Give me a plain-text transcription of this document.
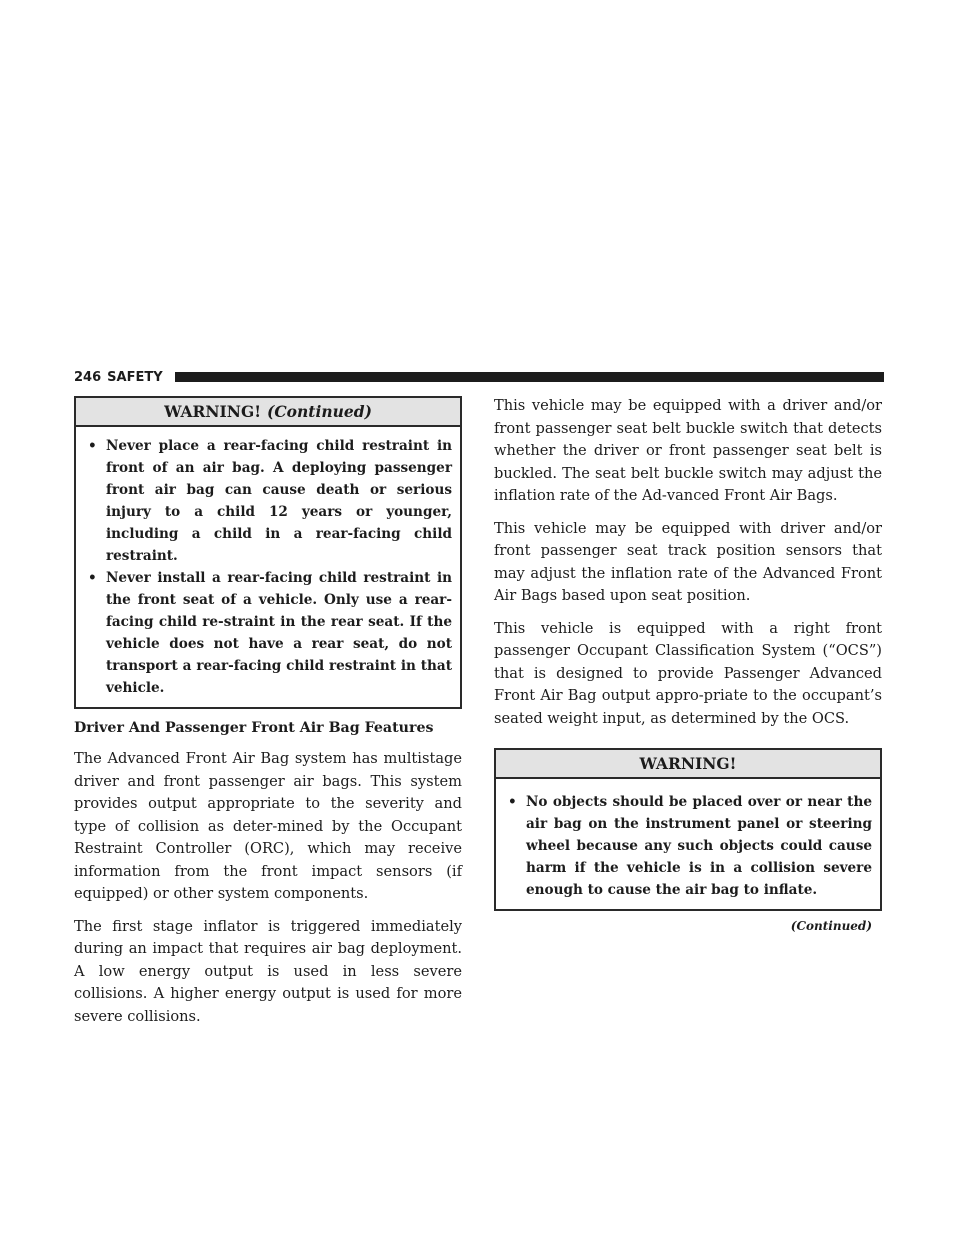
246 SAFETY
WARNING! (Continued)

• Never place a rear-facing child restraint in front of an air bag. A deploying passenger front air bag can cause death or serious injury to a child 12 years or younger, including a child in a rear-facing child restraint.

• Never install a rear-facing child restraint in the front seat of a vehicle. Only use a rear-facing child re-straint in the rear seat. If the vehicle does not have a rear seat, do not transport a rear-facing child restraint in that vehicle.

Driver And Passenger Front Air Bag Features

The Advanced Front Air Bag system has multistage driver and front passenger air bags. This system provides output appropriate to the severity and type of collision as deter-mined by the Occupant Restraint Controller (ORC), which may receive information from the front impact sensors (if equipped) or other system components.

The first stage inflator is triggered immediately during an impact that requires air bag deployment. A low energy output is used in less severe collisions. A higher energy output is used for more severe collisions.

This vehicle may be equipped with a driver and/or front passenger seat belt buckle switch that detects whether the driver or front passenger seat belt is buckled. The seat belt buckle switch may adjust the inflation rate of the Ad-vanced Front Air Bags.

This vehicle may be equipped with driver and/or front passenger seat track position sensors that may adjust the inflation rate of the Advanced Front Air Bags based upon seat position.

This vehicle is equipped with a right front passenger Occupant Classification System (“OCS”) that is designed to provide Passenger Advanced Front Air Bag output appro-priate to the occupant’s seated weight input, as determined by the OCS.

WARNING!

• No objects should be placed over or near the air bag on the instrument panel or steering wheel because any such objects could cause harm if the vehicle is in a collision severe enough to cause the air bag to inflate.

(Continued)
